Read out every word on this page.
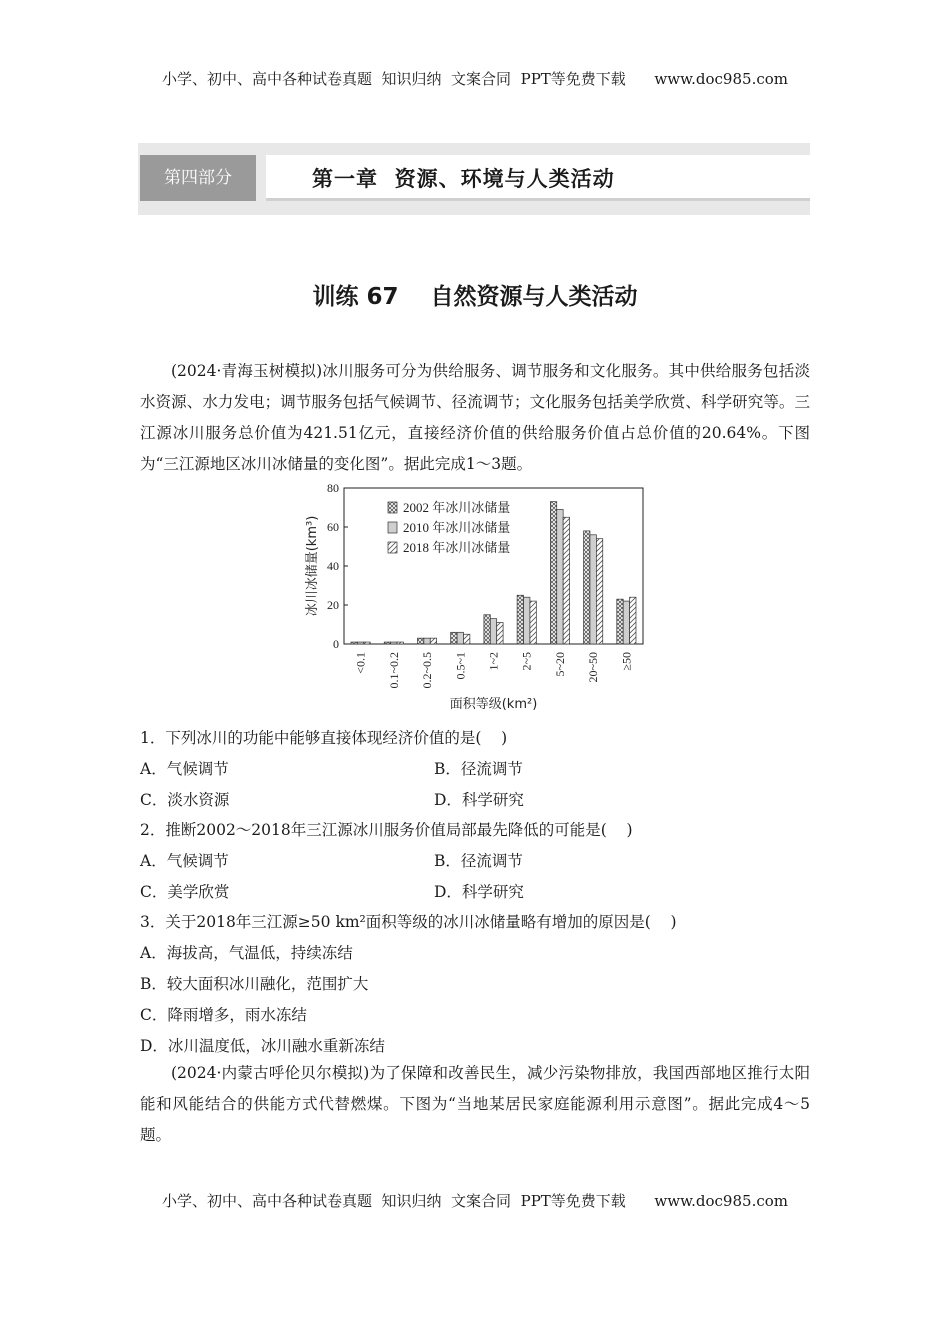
小学、初中、高中各种试卷真题  知识归纳  文案合同  PPT等免费下载      www.doc985.com
第四部分	第一章  资源、环境与人类活动
训练 67    自然资源与人类活动
(2024·青海玉树模拟)冰川服务可分为供给服务、调节服务和文化服务。其中供给服务包括淡水资源、水力发电；调节服务包括气候调节、径流调节；文化服务包括美学欣赏、科学研究等。三江源冰川服务总价值为421.51亿元，直接经济价值的供给服务价值占总价值的20.64%。下图为“三江源地区冰川冰储量的变化图”。据此完成1～3题。
0
20
40
60
80
冰川冰储量(km³)
<0.1 0.1~0.2 0.2~0.5 0.5~1 1~2 2~5 5~20 20~50 ≥50
面积等级(km²)
2002 年冰川冰储量
2010 年冰川冰储量
2018 年冰川冰储量
1．下列冰川的功能中能够直接体现经济价值的是(    )
A．气候调节	B．径流调节
C．淡水资源	D．科学研究
2．推断2002～2018年三江源冰川服务价值局部最先降低的可能是(    )
A．气候调节	B．径流调节
C．美学欣赏	D．科学研究
3．关于2018年三江源≥50 km²面积等级的冰川冰储量略有增加的原因是(    )
A．海拔高，气温低，持续冻结
B．较大面积冰川融化，范围扩大
C．降雨增多，雨水冻结
D．冰川温度低，冰川融水重新冻结
(2024·内蒙古呼伦贝尔模拟)为了保障和改善民生，减少污染物排放，我国西部地区推行太阳能和风能结合的供能方式代替燃煤。下图为“当地某居民家庭能源利用示意图”。据此完成4～5题。
小学、初中、高中各种试卷真题  知识归纳  文案合同  PPT等免费下载      www.doc985.com
